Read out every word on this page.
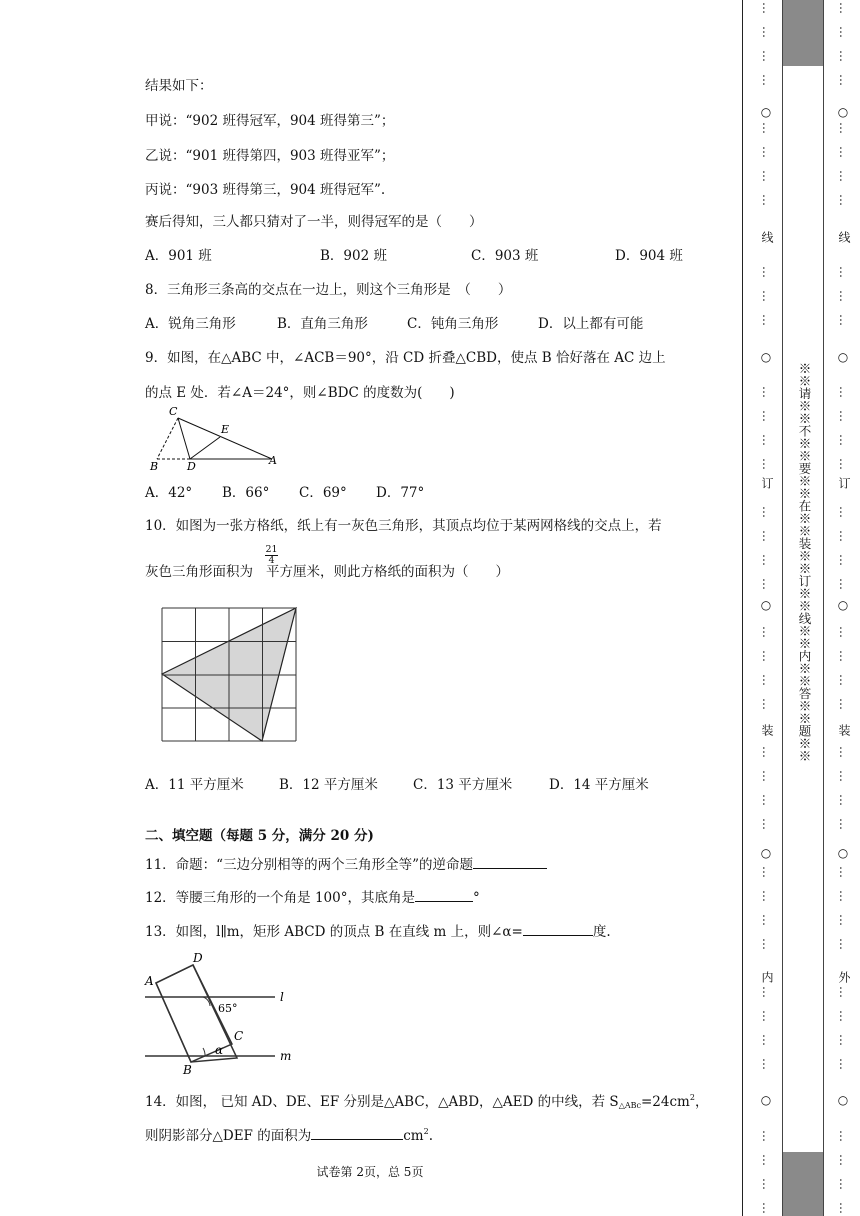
结果如下：
甲说：“902 班得冠军，904 班得第三”；
乙说：“901 班得第四，903 班得亚军”；
丙说：“903 班得第三，904 班得冠军”.
赛后得知，三人都只猜对了一半，则得冠军的是（　　）
A．901 班	B．902 班	C．903 班	D．904 班
8．三角形三条高的交点在一边上，则这个三角形是　（　　）
A．锐角三角形	B．直角三角形	C．钝角三角形	D．以上都有可能
9．如图，在△ABC 中，∠ACB＝90°，沿 CD 折叠△CBD，使点 B 恰好落在 AC 边上
的点 E 处．若∠A＝24°，则∠BDC 的度数为(　　)
C
E
B	D	A
A．42° B．66° C．69° D．77°
10．如图为一张方格纸，纸上有一灰色三角形，其顶点均位于某两网格线的交点上，若
灰色三角形面积为 平方厘米，则此方格纸的面积为（　　）
$\frac{21}{4}$
A．11 平方厘米	B．12 平方厘米	C．13 平方厘米	D．14 平方厘米
二、填空题（每题 5 分，满分 20 分)
11．命题：“三边分别相等的两个三角形全等”的逆命题
12．等腰三角形的一个角是 100°，其底角是	°
13．如图，l∥m，矩形 ABCD 的顶点 B 在直线 m 上，则∠α=	度.
D
A
l
65°
C
α
B
m
14．如图， 已知 AD、DE、EF 分别是△ABC，△ABD，△AED 的中线，若 $S\triangle ABc=24cm^2$，
则阴影部分△DEF 的面积为	$cm^2$.
试卷第 2页，总 5页
…
…
…
…
…
…
…
…
…
…
…
…
…
…
…
…
…
…
…
…
…
…
…
…
…
…
…
…
…
…
…
…
…
…
…
…
…
…
…
○
○
○
○
○
线
订
装
内
※※请※※不※※要※※在※※装※※订※※线※※内※※答※※题※※
…
…
…
…
…
…
…
…
…
…
…
…
…
…
…
…
…
…
…
…
…
…
…
…
…
…
…
…
…
…
…
…
…
…
…
…
…
…
…
○
○
○
○
○
线
订
装
外
